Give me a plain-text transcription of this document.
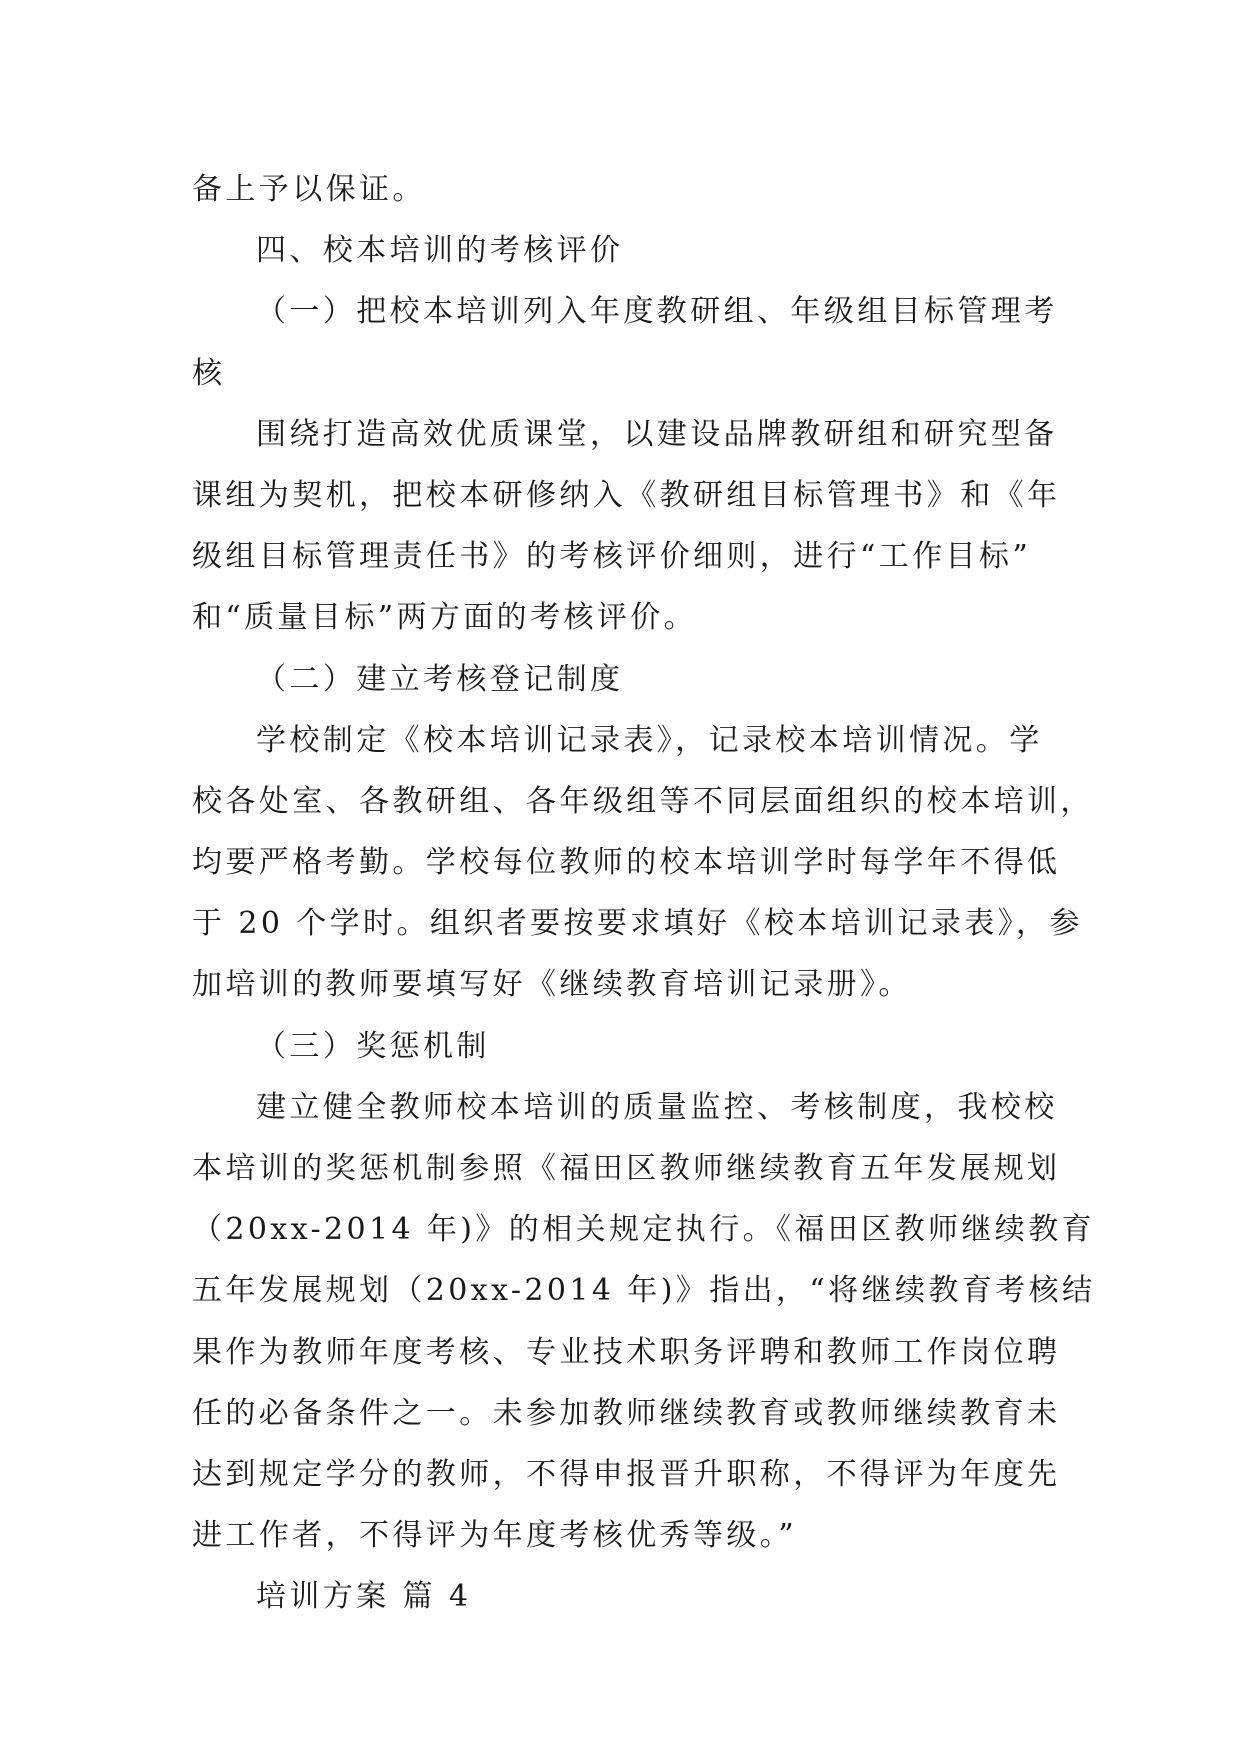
备上予以保证。
四、校本培训的考核评价
（一）把校本培训列入年度教研组、年级组目标管理考
核
围绕打造高效优质课堂，以建设品牌教研组和研究型备
课组为契机，把校本研修纳入《教研组目标管理书》和《年
级组目标管理责任书》的考核评价细则，进行“工作目标”
和“质量目标”两方面的考核评价。
（二）建立考核登记制度
学校制定《校本培训记录表》，记录校本培训情况。学
校各处室、各教研组、各年级组等不同层面组织的校本培训，
均要严格考勤。学校每位教师的校本培训学时每学年不得低
于 20 个学时。组织者要按要求填好《校本培训记录表》，参
加培训的教师要填写好《继续教育培训记录册》。
（三）奖惩机制
建立健全教师校本培训的质量监控、考核制度，我校校
本培训的奖惩机制参照《福田区教师继续教育五年发展规划
（20xx-2014 年)》的相关规定执行。《福田区教师继续教育
五年发展规划（20xx-2014 年)》指出，“将继续教育考核结
果作为教师年度考核、专业技术职务评聘和教师工作岗位聘
任的必备条件之一。未参加教师继续教育或教师继续教育未
达到规定学分的教师，不得申报晋升职称，不得评为年度先
进工作者，不得评为年度考核优秀等级。”
培训方案 篇 4
